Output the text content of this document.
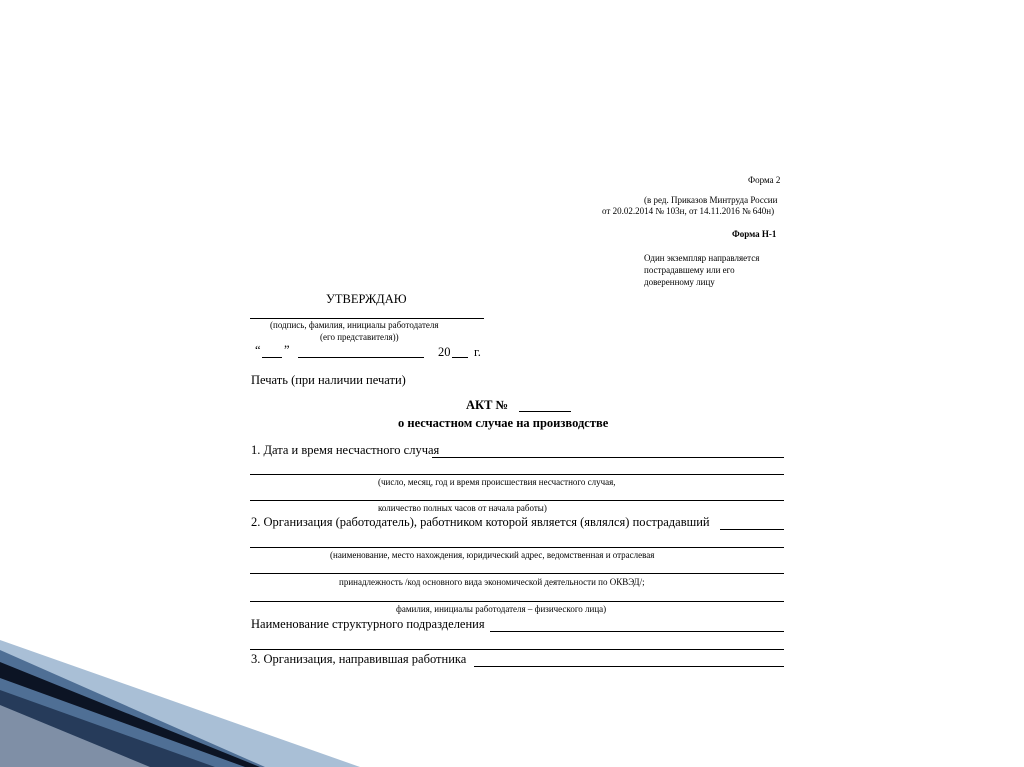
Форма 2
(в ред. Приказов Минтруда России
от 20.02.2014 № 103н, от 14.11.2016 № 640н)
Форма Н-1
Один экземпляр направляется
пострадавшему или его
доверенному лицу
УТВЕРЖДАЮ
(подпись, фамилия, инициалы работодателя
(его представителя))
“ ”	20 г.
Печать (при наличии печати)
АКТ №
о несчастном случае на производстве
1. Дата и время несчастного случая
(число, месяц, год и время происшествия несчастного случая,
количество полных часов от начала работы)
2. Организация (работодатель), работником которой является (являлся) пострадавший
(наименование, место нахождения, юридический адрес, ведомственная и отраслевая
принадлежность /код основного вида экономической деятельности по ОКВЭД/;
фамилия, инициалы работодателя – физического лица)
Наименование структурного подразделения
3. Организация, направившая работника
